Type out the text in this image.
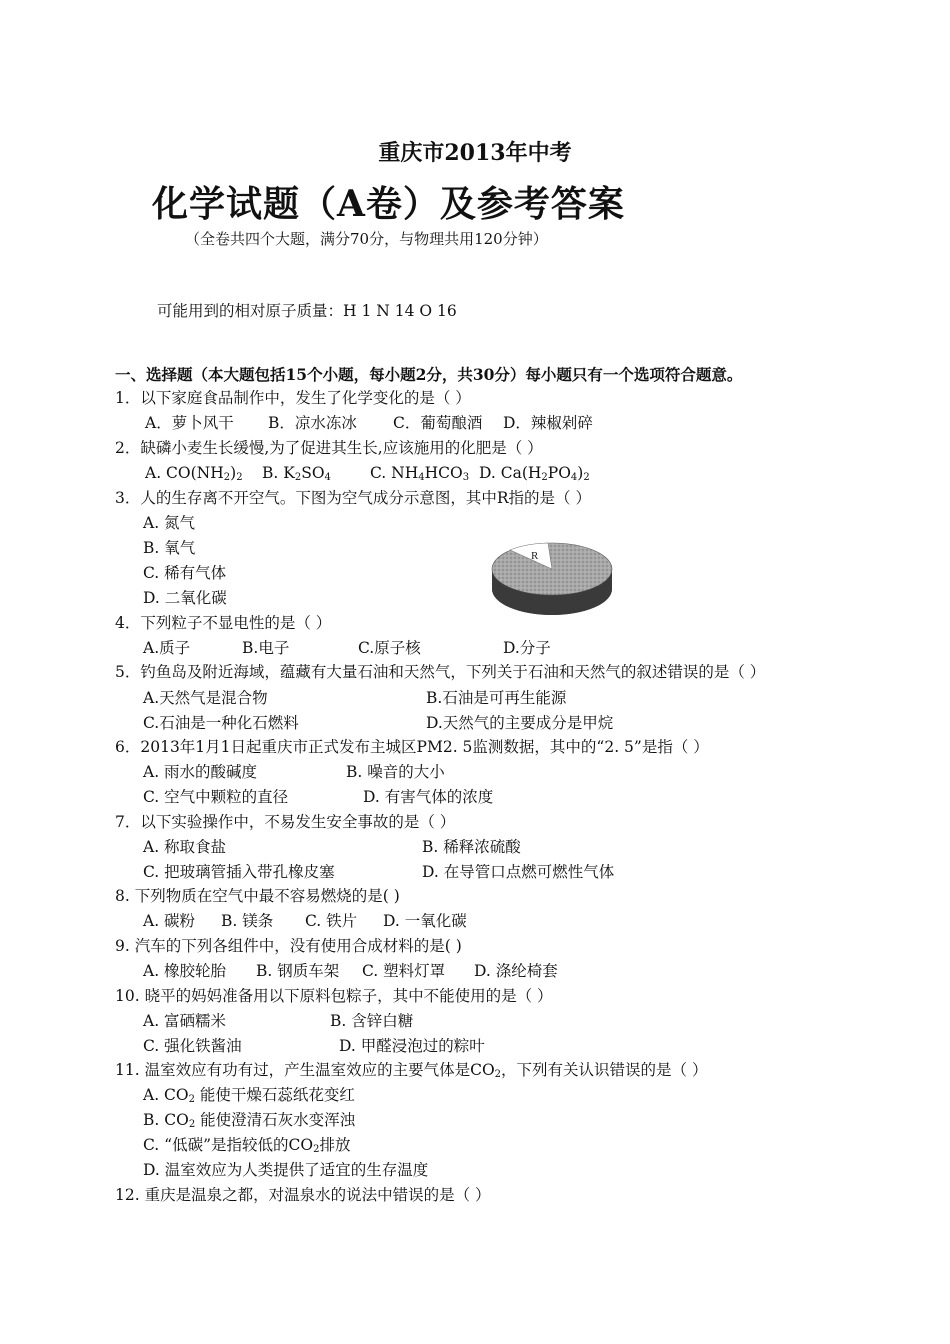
重庆市2013年中考
化学试题（A卷）及参考答案
（全卷共四个大题，满分70分，与物理共用120分钟）
可能用到的相对原子质量：H 1 N 14 O 16
一、选择题（本大题包括15个小题，每小题2分，共30分）每小题只有一个选项符合题意。
1．以下家庭食品制作中，发生了化学变化的是（ ）
A．萝卜风干 B．凉水冻冰 C．葡萄酿酒 D．辣椒剁碎
2．缺磷小麦生长缓慢,为了促进其生长,应该施用的化肥是（ ）
A. $CO(NH_2)_2$ B. $K_2SO_4$	C. $NH_4HCO_3$ D. $Ca(H_2PO_4)_2$
3．人的生存离不开空气。下图为空气成分示意图，其中R指的是（ ）
A. 氮气
B. 氧气
C. 稀有气体
D. 二氧化碳
R
4．下列粒子不显电性的是（ ）
A.质子	B.电子	C.原子核	D.分子
5．钓鱼岛及附近海域，蕴藏有大量石油和天然气，下列关于石油和天然气的叙述错误的是（ ）
A.天然气是混合物	B.石油是可再生能源
C.石油是一种化石燃料	D.天然气的主要成分是甲烷
6．2013年1月1日起重庆市正式发布主城区PM2. 5监测数据，其中的“2. 5”是指（ ）
A. 雨水的酸碱度	B. 噪音的大小
C. 空气中颗粒的直径	D. 有害气体的浓度
7．以下实验操作中，不易发生安全事故的是（ ）
A. 称取食盐	B. 稀释浓硫酸
C. 把玻璃管插入带孔橡皮塞	D. 在导管口点燃可燃性气体
8. 下列物质在空气中最不容易燃烧的是( )
A. 碳粉 B. 镁条 C. 铁片 D. 一氧化碳
9. 汽车的下列各组件中，没有使用合成材料的是( )
A. 橡胶轮胎 B. 钢质车架 C. 塑料灯罩 D. 涤纶椅套
10. 晓平的妈妈准备用以下原料包粽子，其中不能使用的是（ ）
A. 富硒糯米	B. 含锌白糖
C. 强化铁酱油	D. 甲醛浸泡过的粽叶
11. 温室效应有功有过，产生温室效应的主要气体是$CO_2$，下列有关认识错误的是（ ）
A. $CO_2$ 能使干燥石蕊纸花变红
B. $CO_2$ 能使澄清石灰水变浑浊
C. “低碳”是指较低的$CO_2$排放
D. 温室效应为人类提供了适宜的生存温度
12. 重庆是温泉之都，对温泉水的说法中错误的是（ ）
